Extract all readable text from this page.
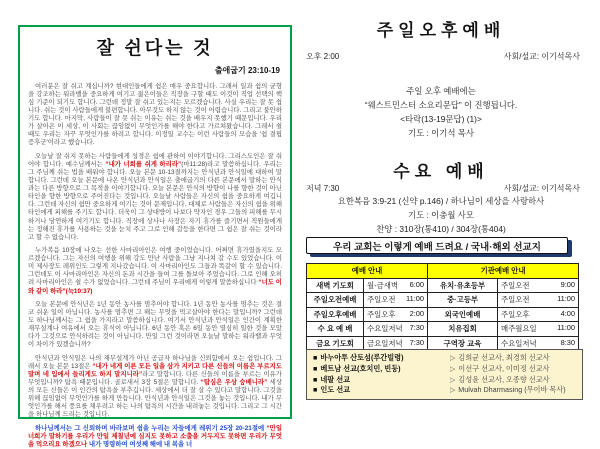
잘 쉰다는 것
출애굽기 23:10-19

여러분은 잘 쉬고 계십니까? 현대인들에게 쉼은 매우 중요합니다. 그래서 일과 쉼의 균형을 강조하는 워라밸을 중요하게 여기고 젊은이들은 직장을 구할 때도 이것이 직업 선택의 핵심 기준이 되기도 합니다. 그런데 정말 잘 쉬고 있는지는 모르겠습니다. 사실 우리는 잘 못 쉽니다. 쉬는 것이 사람들에게 불편합니다. 아무것도 하지 않는 것이 어렵습니다. 그리고 불안하기도 합니다. 마지막, 사람들이 잘 못 쉬는 이유는 쉬는 것을 배우지 못했기 때문입니다. 우리가 살아온 이 세상, 이 사회는 끊임없이 무엇인가를 해야 한다고 가르쳐왔습니다. 그래서 쉴 때도 우리는 자꾸 무엇인가를 하려고 합니다. 이정일 교수는 이런 사람들의 모습을 '쉼 결핍 증후군'이라고 했습니다.

오늘날 잘 쉬지 못하는 사람들에게 성경은 쉼에 관하여 이야기합니다. 그리스도인은 잘 쉬어야 합니다. 예수님께서는 “내가 너희를 쉬게 하리라”(마11:28)라고 말씀하십니다. 우리는 그 주님께 쉬는 법을 배워야 합니다. 오늘 본문 10-13절까지는 안식년과 안식일에 대하여 말합니다. 그런데 오늘 본문에 나온 안식년과 안식일은 출애굽기의 다른 본문에서 말하는 안식과는 다른 방향으로 그 목적을 이야기합니다. 오늘 본문은 안식의 방향이 나를 향한 것이 아닌 타인을 향한 방향으로 주어진다는 것입니다. 오늘날 사람들은 자신의 쉼을 중요하게 여깁니다. 그런데 자신의 쉼만 중요하게 여기는 것이 문제입니다. 대체로 사람들은 자신의 쉼을 위해 타인에게 피해를 주기도 합니다. 더욱이 그 상대방이 나보다 약자인 경우 그들의 피해를 무시하거나 당연하게 여기기도 합니다. 직장에 상사나 사장은 자기 휴가를 즐기면서 직원들에게는 정해진 휴가를 사용하는 것을 눈치 주고 그로 인해 갈등을 한다면 그 쉼은 잘 쉬는 것이라고 할 수 없습니다.

누가복음 10장에 나오는 선한 사마리아인은 여행 중이었습니다. 어쩌면 휴가였을지도 모르겠습니다. 그는 자신의 여행을 위해 강도 만난 사람을 그냥 지나쳐 갈 수도 있었습니다. 이미 제사장도 레위인도 그렇게 지나갔습니다. 이 사마리아인도 그들과 똑같이 할 수 있습니다. 그런데도 이 사마리아인은 자신의 돈과 시간을 들여 그를 돌보아 주었습니다. 그로 인해 오히려 사마리아인은 쉴 수가 없었습니다. 그런데 주님이 우리에게 이렇게 말씀하십니다 “너도 이와 같이 하라”(눅10:37)

오늘 본문에 안식년은 1년 동안 농사를 멈추어야 합니다. 1년 동안 농사를 멈추는 것은 결코 쉬운 일이 아닙니다. 농사를 멈추면 그 해는 무엇을 먹고살아야 한다는 말입니까? 그런데도 하나님께서는 그 쉼을 가지라고 말씀하십니다. 여기서 안식년과 안식일은 인간이 계획한 재무설계나 여유에서 오는 휴식이 아닙니다. 6년 동안 혹은 6일 동안 열심히 일한 것을 모았다가 그것으로 안식하려는 것이 아닙니다. 만일 그런 것이라면 오늘날 말하는 워라밸과 무엇이 차이가 있겠습니까?

안식년과 안식일은 나의 재무설계가 아닌 공급자 하나님을 신뢰함에서 오는 쉼입니다. 그래서 오늘 본문 13절은 “내가 네게 이른 모든 일을 삼가 지키고 다른 신들의 이름은 부르지도 말며 네 입에서 들리게도 하지 말지니라”라고 말합니다. 다른 신들의 이름을 부르는 이유가 무엇입니까? 탐욕 때문입니다. 골로새서 3장 5절은 말합니다. “탐심은 우상 숭배니라” 세상의 모든 신들은 이 인간의 탐욕을 부추깁니다. 세상에서 더 잘 살 수 있다고 말합니다. 그것을 위해 끊임없이 무엇인가를 하게 만듭니다. 안식년과 안식일은 그것을 놓는 것입니다. 내가 무엇인가를 해서 풍요를 채우려고 하는 나의 탐욕의 시간을 내려놓는 것입니다. 그리고 그 시간을 하나님께 드리는 것입니다.

하나님께서는 그 신뢰하며 바라보며 쉼을 누리는 자들에게 레위기 25장 20-21절에 “만일 너희가 말하기를 우리가 만일 제칠년에 심지도 못하고 소출을 거두지도 못하면 우리가 무엇을 먹으리요 하겠으나 내가 명령하여 여섯째 해에 내 복을 너

주일오후예배
오후 2:00	사회/설교: 이기석목사
주일 오후 예배에는
“웨스트민스터 소요리문답” 이 진행됩니다.
<타락(13-19문답) (1)>
기도 : 이기석 목사
수요 예배
저녁 7:30	사회/설교: 이기석목사
요한복음 3:9-21 (신약 p.146) / 하나님이 세상을 사랑하사
기도 : 이충월 사모
찬양 : 310장(통410) / 304장(통404)
우리 교회는 이렇게 예배 드려요 / 국내·해외 선교지
예배 안내		기관예배 안내	
새벽 기도회	월-금새벽 6:00	유치·유초등부	주일오전 9:00

주일오전예배	주일오전 11:00	중·고등부	주일오전 11:00

주일오후예배	주일오후 2:00	외국인예배	주일오후 4:00

수 요 예 배	수요일저녁 7:30	치유집회	매주월요일 11:00

금요 기도회	금요일저녁 7:30	구역장 교육	수요일저녁 8:30
■ 바누아투 산토섬(루간빌령)	▷ 김희균 선교사, 최경희 선교사
■ 베트남 선교(호치민, 빈둥)	▷ 이선구 선교사, 이미정 선교사
■ 네팔 선교	▷ 김성윤 선교사, 오종향 선교사
■ 인도 선교	▷ Mulvah Dharmasing (무이바 목사)
